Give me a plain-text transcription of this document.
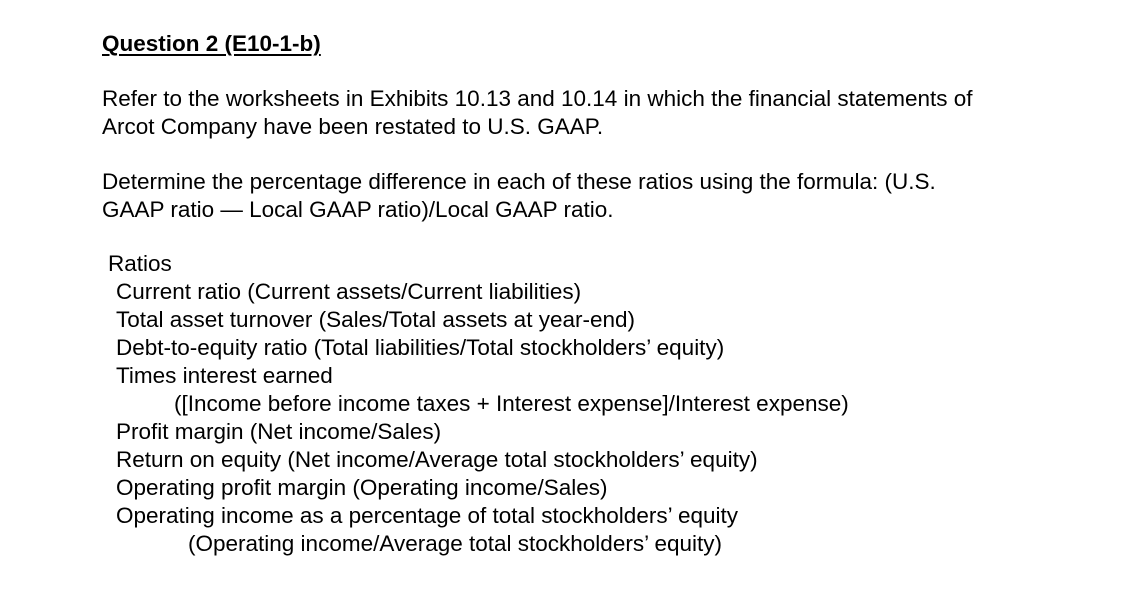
Question 2 (E10-1-b)
Refer to the worksheets in Exhibits 10.13 and 10.14 in which the financial statements of
Arcot Company have been restated to U.S. GAAP.
Determine the percentage difference in each of these ratios using the formula: (U.S.
GAAP ratio — Local GAAP ratio)/Local GAAP ratio.
Ratios
Current ratio (Current assets/Current liabilities)
Total asset turnover (Sales/Total assets at year-end)
Debt-to-equity ratio (Total liabilities/Total stockholders’ equity)
Times interest earned
([Income before income taxes + Interest expense]/Interest expense)
Profit margin (Net income/Sales)
Return on equity (Net income/Average total stockholders’ equity)
Operating profit margin (Operating income/Sales)
Operating income as a percentage of total stockholders’ equity
(Operating income/Average total stockholders’ equity)
